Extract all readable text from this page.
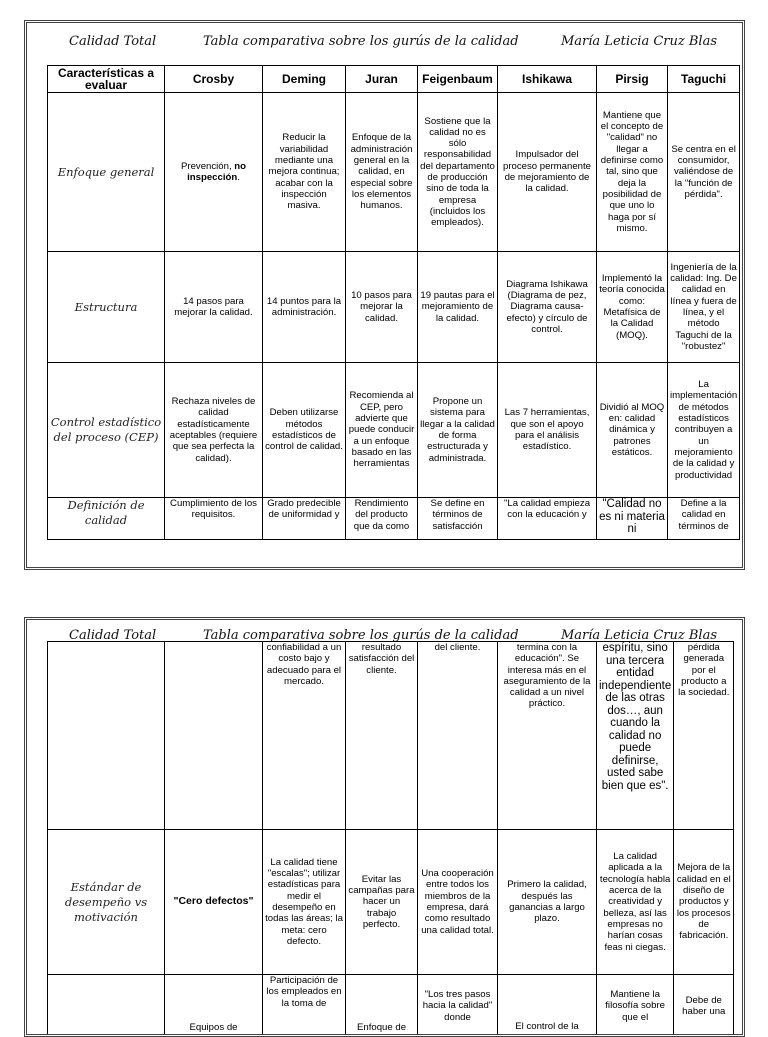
Calidad Total	Tabla comparativa sobre los gurús de la calidad	María Leticia Cruz Blas
Características a evaluar	Crosby	Deming	Juran	Feigenbaum	Ishikawa	Pirsig	Taguchi
Enfoque general	Prevención, no inspección.	Reducir la variabilidad mediante una mejora continua; acabar con la inspección masiva.	Enfoque de la administración general en la calidad, en especial sobre los elementos humanos.	Sostiene que la calidad no es sólo responsabilidad del departamento de producción sino de toda la empresa (incluidos los empleados).	Impulsador del proceso permanente de mejoramiento de la calidad.	Mantiene que el concepto de "calidad" no llegar a definirse como tal, sino que deja la posibilidad de que uno lo haga por sí mismo.	Se centra en el consumidor, valiéndose de la "función de pérdida".
Estructura	14 pasos para mejorar la calidad.	14 puntos para la administración.	10 pasos para mejorar la calidad.	19 pautas para el mejoramiento de la calidad.	Diagrama Ishikawa (Diagrama de pez, Diagrama causa- efecto) y círculo de control.	Implementó la teoría conocida como: Metafísica de la Calidad (MOQ).	Ingeniería de la calidad: Ing. De calidad en línea y fuera de línea, y el método Taguchi de la "robustez"
Control estadístico del proceso (CEP)	Rechaza niveles de calidad estadísticamente aceptables (requiere que sea perfecta la calidad).	Deben utilizarse métodos estadísticos de control de calidad.	Recomienda al CEP, pero advierte que puede conducir a un enfoque basado en las herramientas	Propone un sistema para llegar a la calidad de forma estructurada y administrada.	Las 7 herramientas, que son el apoyo para el análisis estadístico.	Dividió al MOQ en: calidad dinámica y patrones estáticos.	La implementación de métodos estadísticos contribuyen a un mejoramiento de la calidad y productividad
Definición de calidad	Cumplimiento de los requisitos.	Grado predecible de uniformidad y	Rendimiento del producto que da como	Se define en términos de satisfacción	"La calidad empieza con la educación y	"Calidad no es ni materia ni	Define a la calidad en términos de
Calidad Total	Tabla comparativa sobre los gurús de la calidad	María Leticia Cruz Blas
		confiabilidad a un costo bajo y adecuado para el mercado.	resultado satisfacción del cliente.	del cliente.	termina con la educación". Se interesa más en el aseguramiento de la calidad a un nivel práctico.	espíritu, sino una tercera entidad independiente de las otras dos…, aun cuando la calidad no puede definirse, usted sabe bien que es".	pérdida generada por el producto a la sociedad.
Estándar de desempeño vs motivación	"Cero defectos"	La calidad tiene "escalas"; utilizar estadísticas para medir el desempeño en todas las áreas; la meta: cero defecto.	Evitar las campañas para hacer un trabajo perfecto.	Una cooperación entre todos los miembros de la empresa, dará como resultado una calidad total.	Primero la calidad, después las ganancias a largo plazo.	La calidad aplicada a la tecnología habla acerca de la creatividad y belleza, así las empresas no harían cosas feas ni ciegas.	Mejora de la calidad en el diseño de productos y los procesos de fabricación.
	Equipos de	Participación de los empleados en la toma de	Enfoque de	"Los tres pasos hacia la calidad" donde	El control de la	Mantiene la filosofía sobre que el	Debe de haber una
